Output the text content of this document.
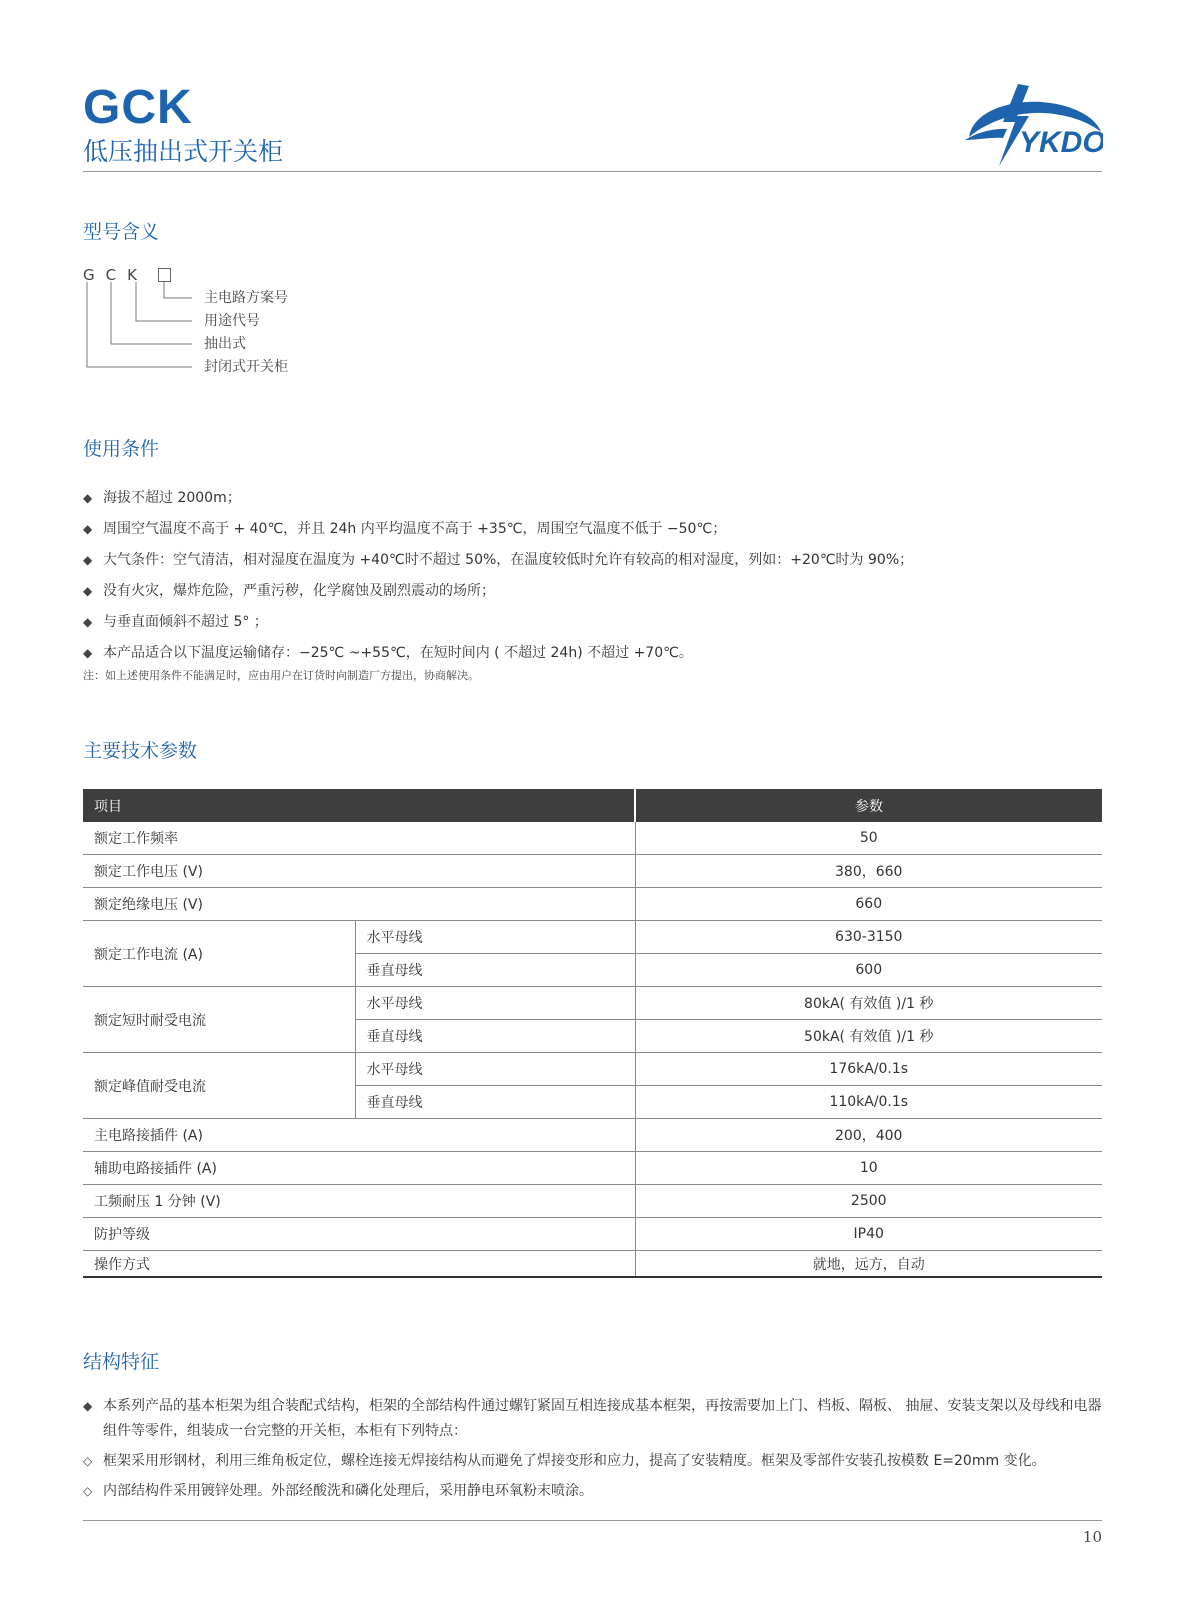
GCK
低压抽出式开关柜	YKDO
型号含义
GCK
主电路方案号
用途代号
抽出式
封闭式开关柜
使用条件
◆ 海拔不超过 2000m；
◆ 周围空气温度不高于 + 40℃，并且 24h 内平均温度不高于 +35℃，周围空气温度不低于 −50℃；
◆ 大气条件：空气清洁，相对湿度在温度为 +40℃时不超过 50%，在温度较低时允许有较高的相对湿度，列如：+20℃时为 90%；
◆ 没有火灾，爆炸危险，严重污秽，化学腐蚀及剧烈震动的场所；
◆ 与垂直面倾斜不超过 5° ；
◆ 本产品适合以下温度运输储存：−25℃ ~+55℃，在短时间内 ( 不超过 24h) 不超过 +70℃。
注：如上述使用条件不能满足时，应由用户在订货时向制造厂方提出，协商解决。
主要技术参数
项目		参数
额定工作频率		50
额定工作电压 (V)		380，660
额定绝缘电压 (V)		660
额定工作电流 (A)	水平母线	630-3150
	垂直母线	600
额定短时耐受电流	水平母线	80kA( 有效值 )/1 秒
	垂直母线	50kA( 有效值 )/1 秒
额定峰值耐受电流	水平母线	176kA/0.1s
	垂直母线	110kA/0.1s
主电路接插件 (A)		200，400
辅助电路接插件 (A)		10
工频耐压 1 分钟 (V)		2500
防护等级		IP40
操作方式		就地，远方，自动
结构特征

◆ 本系列产品的基本柜架为组合装配式结构，柜架的全部结构件通过螺钉紧固互相连接成基本框架，再按需要加上门、档板、隔板、 抽屉、安装支架以及母线和电器组件等零件，组装成一台完整的开关柜，本柜有下列特点：

◇ 框架采用形钢材，利用三维角板定位，螺栓连接无焊接结构从而避免了焊接变形和应力，提高了安装精度。框架及零部件安装孔按模数 E=20mm 变化。

◇ 内部结构件采用镀锌处理。外部经酸洗和磷化处理后，采用静电环氧粉末喷涂。

10
